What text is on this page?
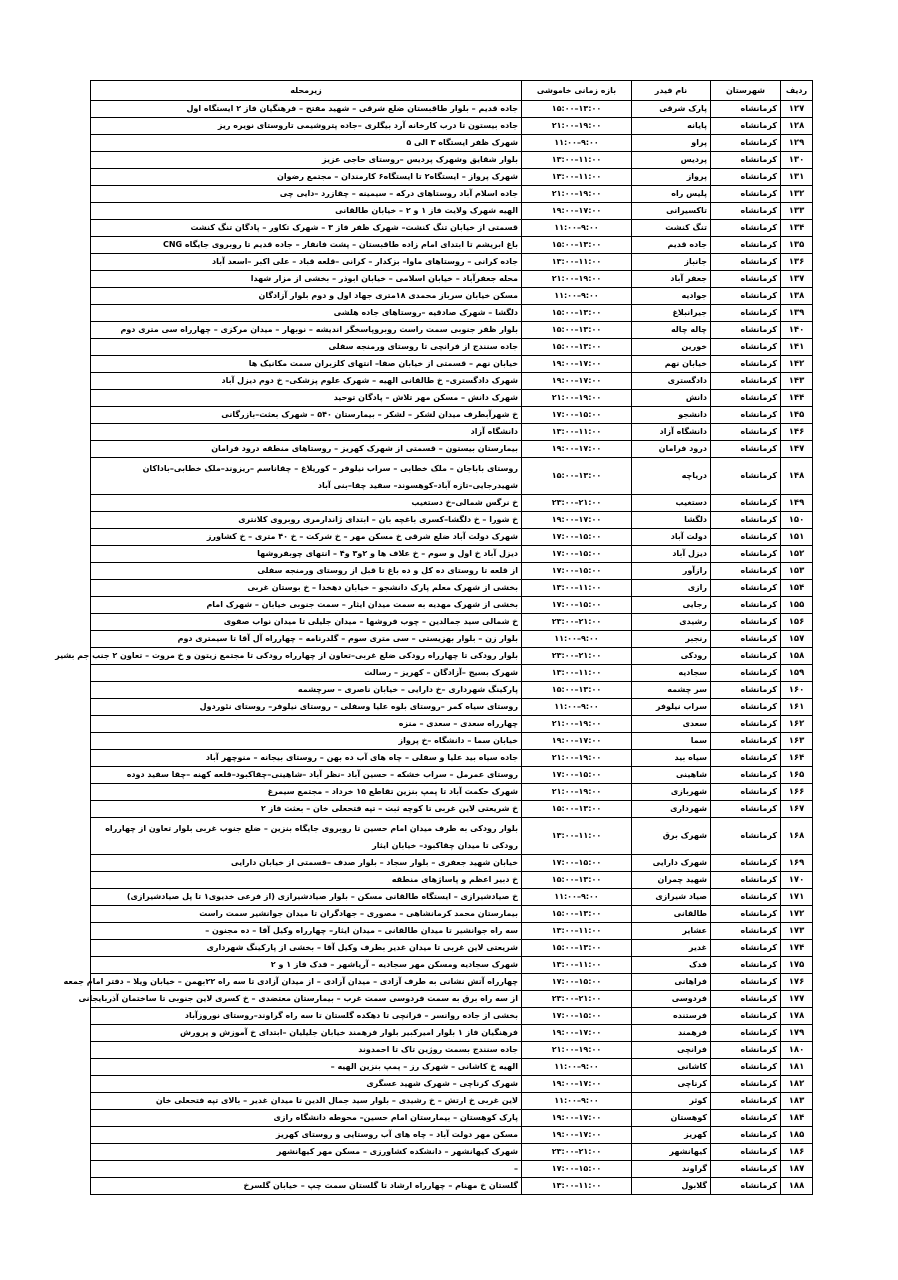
ردیف	شهرستان	نام فیدر	بازه زمانی خاموشی	زیرمحله
۱۲۷	کرمانشاه	پارک شرقی	۱۳:۰۰–۱۵:۰۰	جاده قدیم – بلوار طاقبستان ضلع شرقی – شهید مفتح – فرهنگیان فاز ۲ ایستگاه اول
۱۲۸	کرمانشاه	پایانه	۱۹:۰۰–۲۱:۰۰	جاده بیستون تا درب کارخانه آرد بیگلری –جاده پتروشیمی تاروستای نویره ریز
۱۲۹	کرمانشاه	پراو	۹:۰۰–۱۱:۰۰	شهرک ظفر ایستگاه ۳ الی ۵
۱۳۰	کرمانشاه	پردیس	۱۱:۰۰–۱۳:۰۰	بلوار شقایق وشهرک پردیس –روستای حاجی عزیز
۱۳۱	کرمانشاه	پرواز	۱۱:۰۰–۱۳:۰۰	شهرک پرواز – ایستگاه۲ تا ایستگاه۶ کارمندان – مجتمع رضوان
۱۳۲	کرمانشاه	پلیس راه	۱۹:۰۰–۲۱:۰۰	جاده اسلام آباد روستاهای درکه – سیمینه – چقازرد –دایی چی
۱۳۳	کرمانشاه	تاکسیرانی	۱۷:۰۰–۱۹:۰۰	الهیه شهرک ولایت فاز ۱ و ۲ – خیابان طالقانی
۱۳۴	کرمانشاه	تنگ کنشت	۹:۰۰–۱۱:۰۰	قسمتی از خیابان تنگ کنشت– شهرک ظفر فاز ۳ – شهرک تکاور – پادگان تنگ کنشت
۱۳۵	کرمانشاه	جاده قدیم	۱۳:۰۰–۱۵:۰۰	باغ ابریشم تا ابتدای امام زاده طاقبستان – پشت فانفار – جاده قدیم تا روبروی جایگاه CNG
۱۳۶	کرمانشاه	جانباز	۱۱:۰۰–۱۳:۰۰	جاده کرانی – روستاهای ماوا– بزکدار – کرانی –قلعه قباد – علی اکبر –اسعد آباد
۱۳۷	کرمانشاه	جعفر آباد	۱۹:۰۰–۲۱:۰۰	محله جعفرآباد – خیابان اسلامی – خیابان ابوذر – بخشی از مزار شهدا
۱۳۸	کرمانشاه	جوادیه	۹:۰۰–۱۱:۰۰	مسکن خیابان سرباز محمدی ۱۸متری جهاد اول و دوم بلوار آزادگان
۱۳۹	کرمانشاه	جیرانبلاغ	۱۳:۰۰–۱۵:۰۰	دلگشا – شهرک صادقیه –روستاهای جاده هلشی
۱۴۰	کرمانشاه	چاله چاله	۱۳:۰۰–۱۵:۰۰	بلوار ظفر جنوبی سمت راست روبروپاسخگر اندیشه – نوبهار – میدان مرکزی – چهارراه سی متری دوم
۱۴۱	کرمانشاه	خورین	۱۳:۰۰–۱۵:۰۰	جاده سنندج از فرانچی تا روستای ورمنجه سفلی
۱۴۲	کرمانشاه	خیابان نهم	۱۷:۰۰–۱۹:۰۰	خیابان نهم – قسمتی از خیابان صفا– انتهای کلزبران سمت مکانیک ها
۱۴۳	کرمانشاه	دادگستری	۱۷:۰۰–۱۹:۰۰	شهرک دادگستری– خ طالقانی الهیه – شهرک علوم پزشکی– خ دوم دیزل آباد
۱۴۴	کرمانشاه	دانش	۱۹:۰۰–۲۱:۰۰	شهرک دانش – مسکن مهر تلاش – پادگان توحید
۱۴۵	کرمانشاه	دانشجو	۱۵:۰۰–۱۷:۰۰	خ شهرآبطرف میدان لشکر – لشکر – بیمارستان ۵۴۰ – شهرک بعثت–بازرگانی
۱۴۶	کرمانشاه	دانشگاه آزاد	۱۱:۰۰–۱۳:۰۰	دانشگاه آزاد
۱۴۷	کرمانشاه	درود فرامان	۱۷:۰۰–۱۹:۰۰	بیمارستان بیستون – قسمتی از شهرک کهریز – روستاهای منطقه درود فرامان
۱۴۸	کرمانشاه	دریاچه	۱۳:۰۰–۱۵:۰۰	روستای باباجان – ملک خطابی – سراب نیلوفر – کوریلاغ – چقاناسم –ریزوند–ملک خطابی–باداکان شهیدرجایی–تازه آباد–کوهسوند– سفید چقا–بنی آباد
۱۴۹	کرمانشاه	دستغیب	۲۱:۰۰–۲۳:۰۰	خ نرگس شمالی–خ دستغیب
۱۵۰	کرمانشاه	دلگشا	۱۷:۰۰–۱۹:۰۰	خ شورا – خ دلگشا–کسری باغچه بان – ابتدای ژاندارمری روبروی کلانتری
۱۵۱	کرمانشاه	دولت آباد	۱۵:۰۰–۱۷:۰۰	شهرک دولت آباد ضلع شرقی خ مسکن مهر – خ شرکت – خ ۴۰ متری – خ کشاورز
۱۵۲	کرمانشاه	دیزل آباد	۱۵:۰۰–۱۷:۰۰	دیزل آباد خ اول و سوم – خ علاف ها و ۲و۳ و۴ – انتهای چوبفروشها
۱۵۳	کرمانشاه	رازآور	۱۵:۰۰–۱۷:۰۰	از قلعه تا روستای ده کل و ده باغ تا قبل از روستای ورمنجه سفلی
۱۵۴	کرمانشاه	رازی	۱۱:۰۰–۱۳:۰۰	بخشی از شهرک معلم پارک دانشجو – خیابان دهخدا – خ بوستان غربی
۱۵۵	کرمانشاه	رجایی	۱۵:۰۰–۱۷:۰۰	بخشی از شهرک مهدیه به سمت میدان ایثار – سمت جنوبی خیابان – شهرک امام
۱۵۶	کرمانشاه	رشیدی	۲۱:۰۰–۲۳:۰۰	خ شمالی سید جمالدین – چوب فروشها – میدان جلیلی تا میدان نواب صفوی
۱۵۷	کرمانشاه	رنجبر	۹:۰۰–۱۱:۰۰	بلوار زن – بلوار بهزیستی – سی متری سوم – گلدرنامه – چهارراه آل آقا تا سیمتری دوم
۱۵۸	کرمانشاه	رودکی	۲۱:۰۰–۲۳:۰۰	بلوار رودکی تا چهارراه رودکی ضلع غربی–تعاون از چهارراه رودکی تا مجتمع زیتون و خ مروت – تعاون ۲ جنب جم بشیر
۱۵۹	کرمانشاه	سجادیه	۱۱:۰۰–۱۳:۰۰	شهرک بسیج –آزادگان – کهریز – رسالت
۱۶۰	کرمانشاه	سر چشمه	۱۳:۰۰–۱۵:۰۰	پارکینگ شهرداری –خ دارایی – خیابان ناصری – سرچشمه
۱۶۱	کرمانشاه	سراب نیلوفر	۹:۰۰–۱۱:۰۰	روستای سیاه کمر –روستای بلوه علیا وسفلی – روستای نیلوفر– روستای نئوردول
۱۶۲	کرمانشاه	سعدی	۱۹:۰۰–۲۱:۰۰	چهارراه سعدی – سعدی – منزه
۱۶۳	کرمانشاه	سما	۱۷:۰۰–۱۹:۰۰	خیابان سما – دانشگاه –خ پرواز
۱۶۴	کرمانشاه	سیاه بید	۱۹:۰۰–۲۱:۰۰	جاده سیاه بید علیا و سفلی – چاه های آب ده بهن – روستای بیجانه – منوچهر آباد
۱۶۵	کرمانشاه	شاهینی	۱۵:۰۰–۱۷:۰۰	روستای عمرمل – سراب خشکه – حسین آباد –نظر آباد –شاهینی–چقاکبود–قلعه کهنه –چقا سفید دوده
۱۶۶	کرمانشاه	شهربازی	۱۹:۰۰–۲۱:۰۰	شهرک حکمت آباد تا پمپ بنزین تقاطع ۱۵ خرداد – مجتمع سیمرغ
۱۶۷	کرمانشاه	شهرداری	۱۳:۰۰–۱۵:۰۰	خ شریعتی لاین غربی تا کوچه ثبت – تپه فتحعلی خان – بعثت فاز ۲
۱۶۸	کرمانشاه	شهرک برق	۱۱:۰۰–۱۳:۰۰	بلوار رودکی به طرف میدان امام حسین تا روبروی جایگاه بنزین – ضلع جنوب غربی بلوار تعاون از چهارراه رودکی تا میدان چقاکبود– خیابان ایثار
۱۶۹	کرمانشاه	شهرک دارایی	۱۵:۰۰–۱۷:۰۰	خیابان شهید جعفری – بلوار سجاد – بلوار صدف –قسمتی از خیابان دارایی
۱۷۰	کرمانشاه	شهید چمران	۱۳:۰۰–۱۵:۰۰	خ دبیر اعظم و پاساژهای منطقه
۱۷۱	کرمانشاه	صیاد شیرازی	۹:۰۰–۱۱:۰۰	خ صیادشیرازی – ایستگاه طالقانی مسکن – بلوار صیادشیرازی (از فرعی خدیوی۱ تا پل صیادشیرازی)
۱۷۲	کرمانشاه	طالقانی	۱۳:۰۰–۱۵:۰۰	بیمارستان محمد کرمانشاهی – مصوری – جهادگران تا میدان جوانشیر سمت راست
۱۷۳	کرمانشاه	عشایر	۱۱:۰۰–۱۳:۰۰	سه راه جوانشیر تا میدان طالقانی – میدان ایثار– چهارراه وکیل آقا – ده مجنون –
۱۷۴	کرمانشاه	غدیر	۱۳:۰۰–۱۵:۰۰	شریعتی لاین غربی تا میدان غدیر بطرف وکیل آقا – بخشی از پارکینگ شهرداری
۱۷۵	کرمانشاه	فدک	۱۱:۰۰–۱۳:۰۰	شهرک سجادیه ومسکن مهر سجادیه – آریاشهر – فدک فاز ۱ و ۲
۱۷۶	کرمانشاه	فراهانی	۱۵:۰۰–۱۷:۰۰	چهارراه آتش نشانی به طرف آزادی – میدان آزادی – از میدان آزادی تا سه راه ۲۲بهمن – خیابان ویلا – دفتر امام جمعه
۱۷۷	کرمانشاه	فردوسی	۲۱:۰۰–۲۳:۰۰	از سه راه برق به سمت فردوسی سمت غرب – بیمارستان معتضدی – خ کسری لاین جنوبی تا ساختمان آذربایجانی
۱۷۸	کرمانشاه	فرستنده	۱۵:۰۰–۱۷:۰۰	بخشی از جاده روانسر – فرانچی تا دهکده گلستان تا سه راه گراوند–روستای نوروزآباد
۱۷۹	کرمانشاه	فرهمند	۱۷:۰۰–۱۹:۰۰	فرهنگیان فاز ۱ بلوار امیرکبیر بلوار فرهمند خیابان جلیلیان –ابتدای خ آموزش و پرورش
۱۸۰	کرمانشاه	فرانچی	۱۹:۰۰–۲۱:۰۰	جاده سنندج بسمت روژین تاک تا احمدوند
۱۸۱	کرمانشاه	کاشانی	۹:۰۰–۱۱:۰۰	الهیه خ کاشانی – شهرک رز – پمپ بنزین الهیه –
۱۸۲	کرمانشاه	کرناچی	۱۷:۰۰–۱۹:۰۰	شهرک کرناچی – شهرک شهید عسگری
۱۸۳	کرمانشاه	کوثر	۹:۰۰–۱۱:۰۰	لاین غربی خ ارتش – خ رشیدی – بلوار سید جمال الدین تا میدان غدیر – بالای تپه فتحعلی خان
۱۸۴	کرمانشاه	کوهستان	۱۷:۰۰–۱۹:۰۰	پارک کوهستان – بیمارستان امام حسین– محوطه دانشگاه رازی
۱۸۵	کرمانشاه	کهریز	۱۷:۰۰–۱۹:۰۰	مسکن مهر دولت آباد – چاه های آب روستایی و روستای کهریز
۱۸۶	کرمانشاه	کیهانشهر	۲۱:۰۰–۲۳:۰۰	شهرک کیهانشهر – دانشکده کشاورزی – مسکن مهر کیهانشهر
۱۸۷	کرمانشاه	گراوند	۱۵:۰۰–۱۷:۰۰	–
۱۸۸	کرمانشاه	گلابول	۱۱:۰۰–۱۳:۰۰	گلستان خ مهنام – چهارراه ارشاد تا گلستان سمت چپ – خیابان گلسرخ
